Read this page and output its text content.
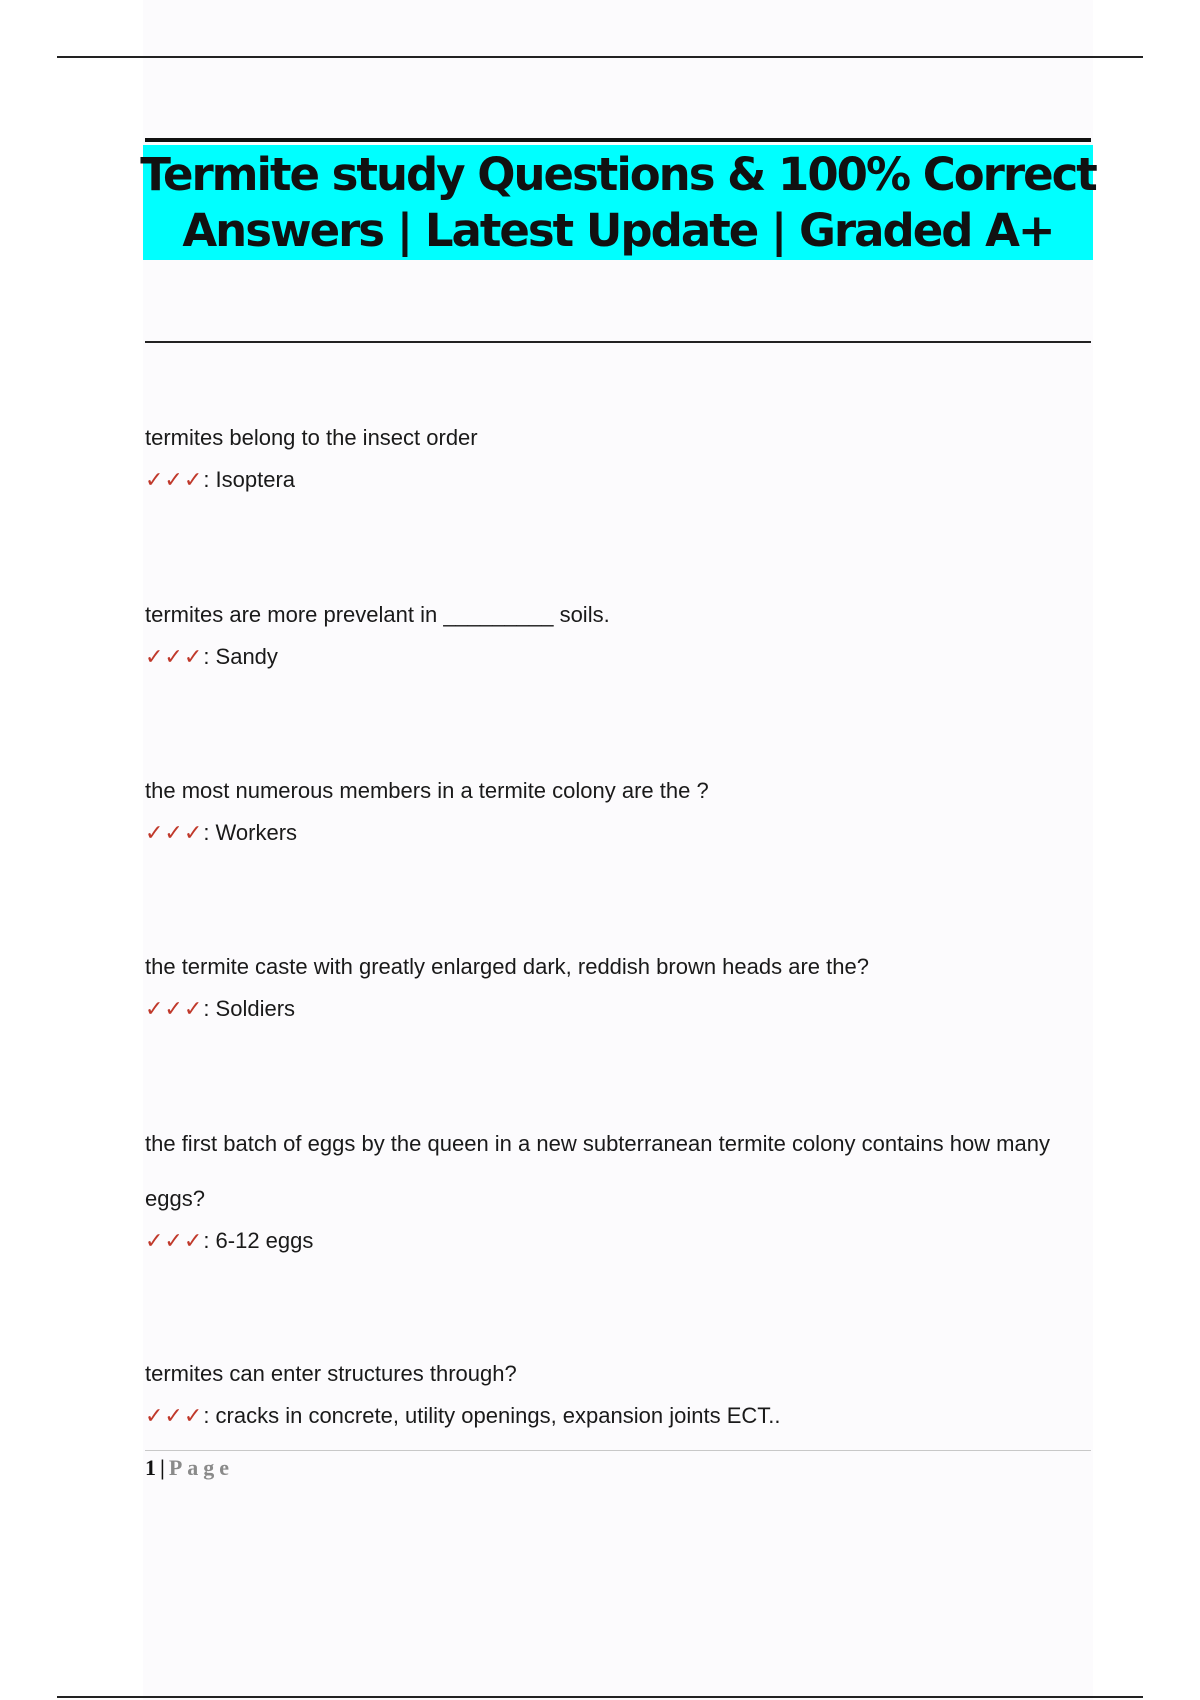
Termite study Questions & 100% Correct
Answers | Latest Update | Graded A+

termites belong to the insect order

✓✓✓: Isoptera

termites are more prevelant in _________ soils.

✓✓✓: Sandy

the most numerous members in a termite colony are the ?

✓✓✓: Workers

the termite caste with greatly enlarged dark, reddish brown heads are the?

✓✓✓: Soldiers

the first batch of eggs by the queen in a new subterranean termite colony contains how many eggs?

✓✓✓: 6-12 eggs

termites can enter structures through?

✓✓✓: cracks in concrete, utility openings, expansion joints ECT..

1 | Page
